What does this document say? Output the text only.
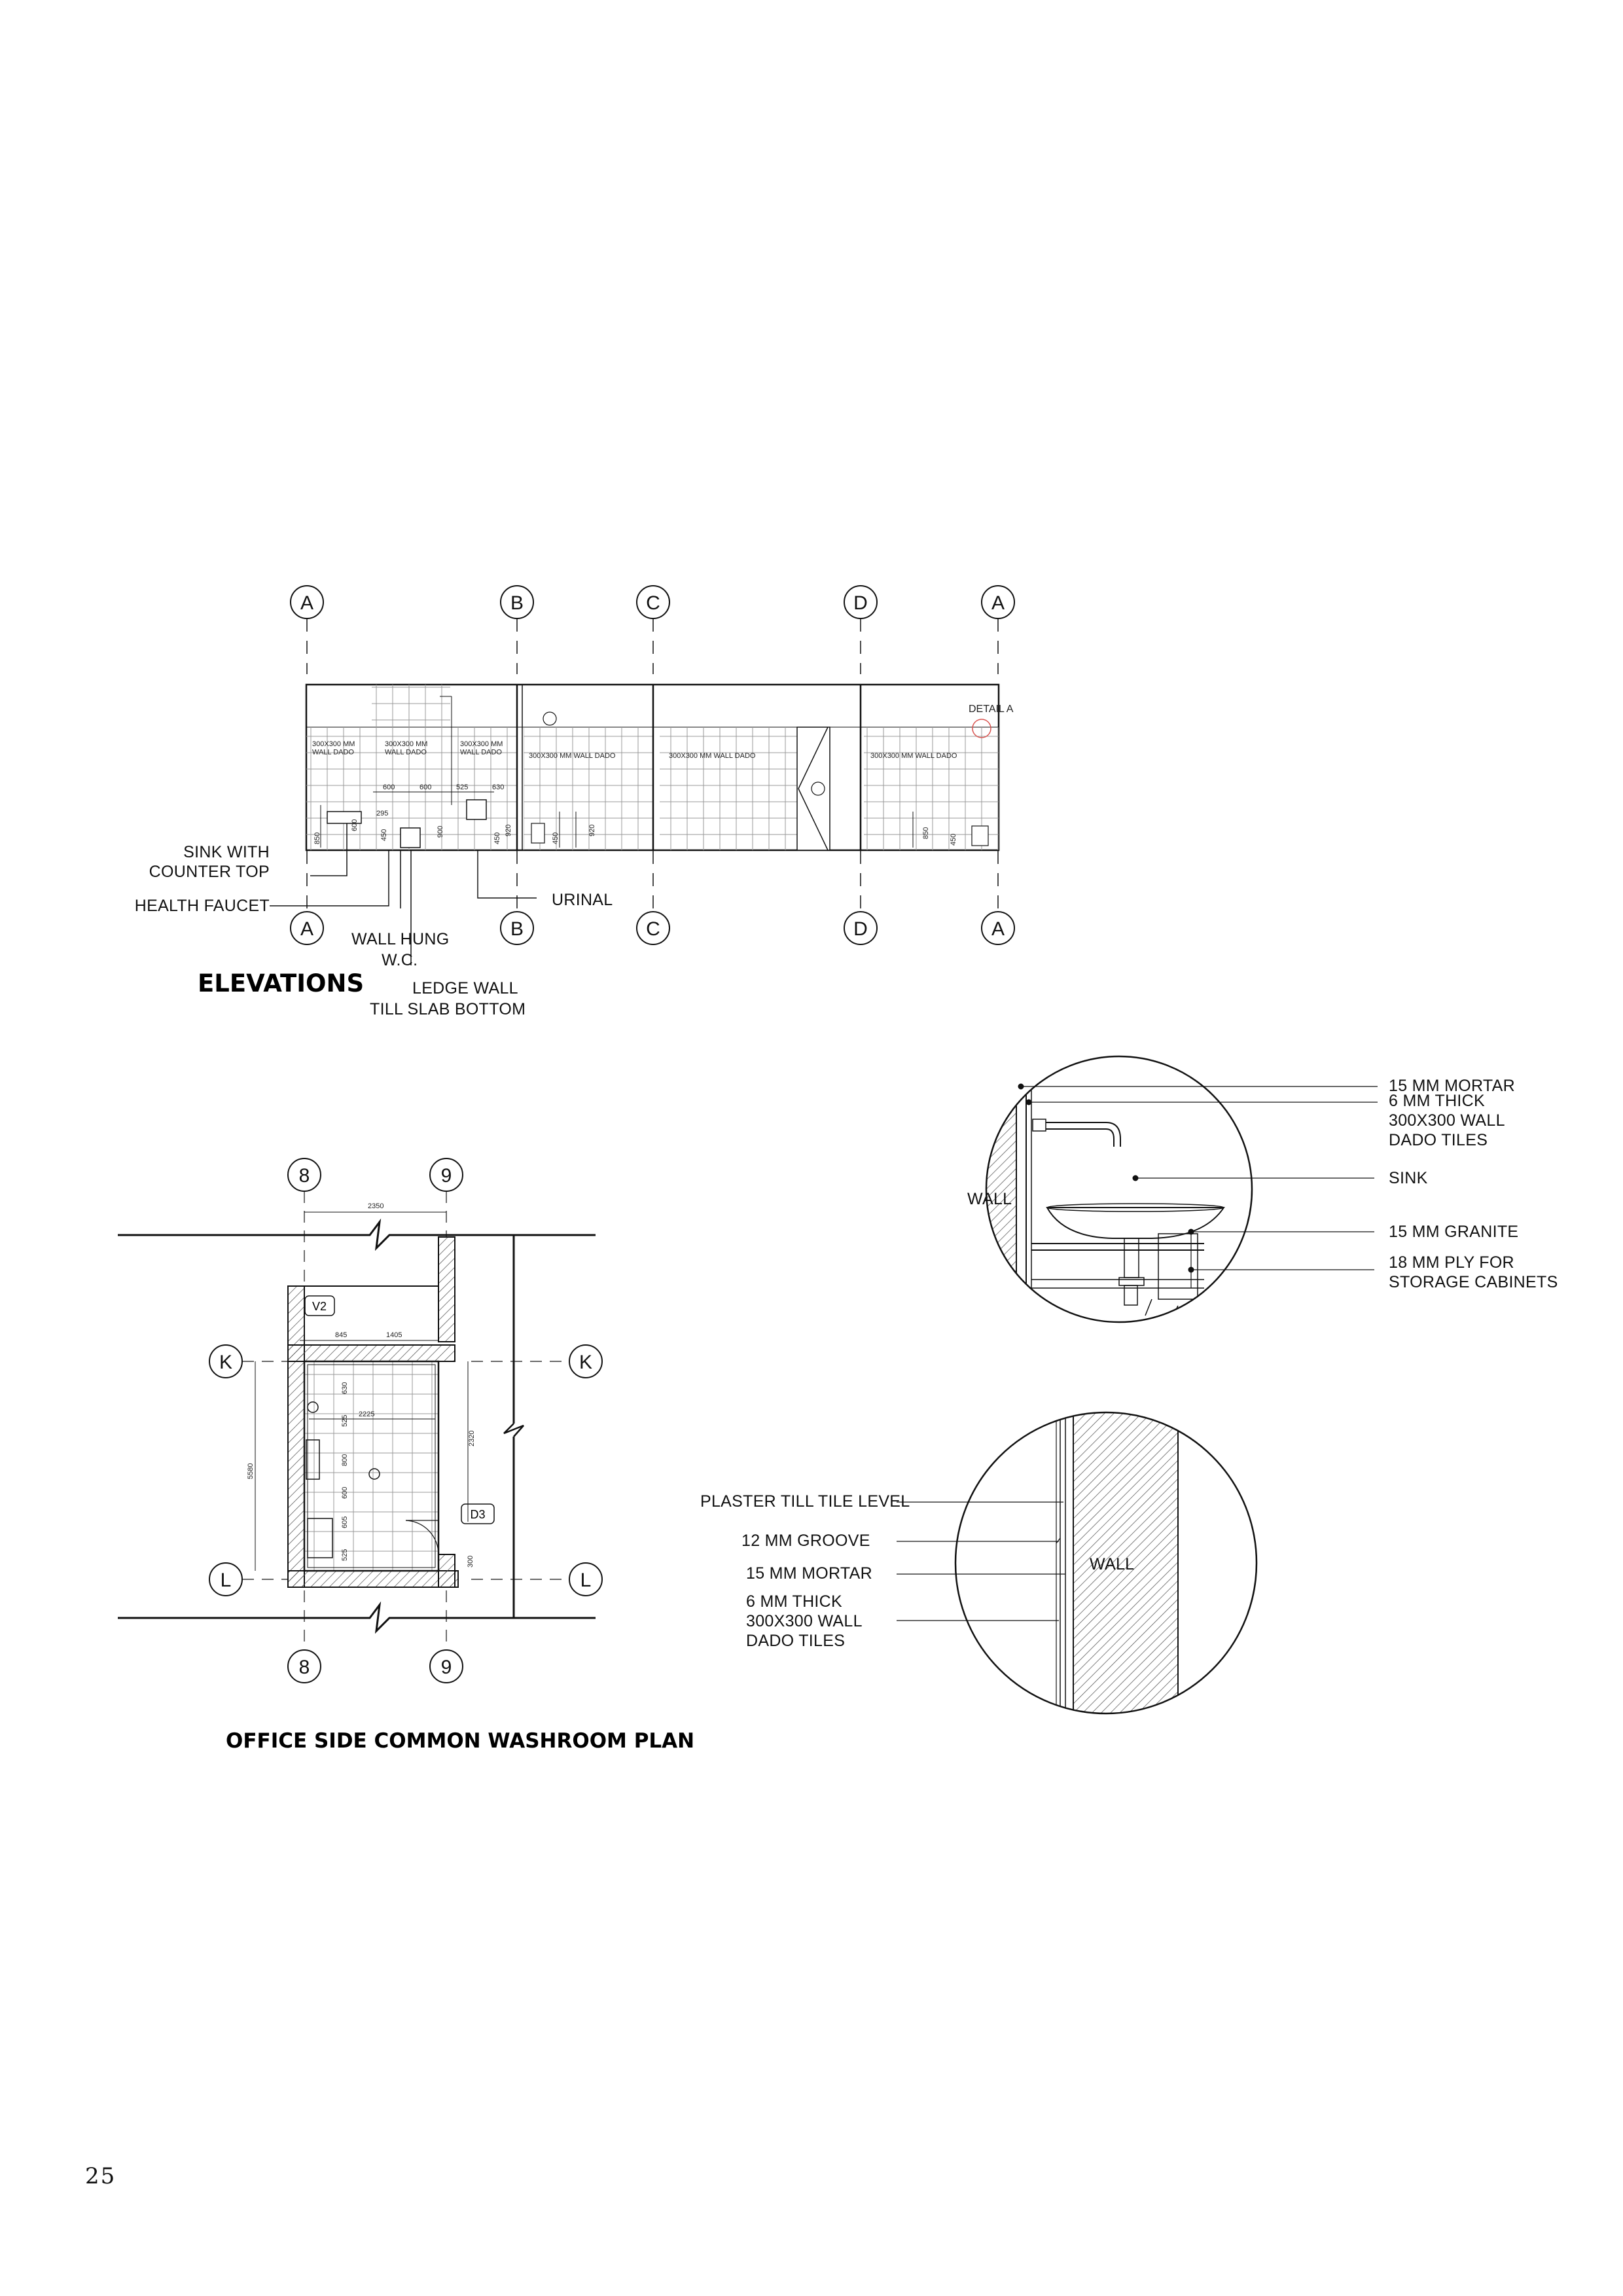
A	B	C	D	A
A	B	C	D	A
DETAIL A
300X300 MM WALL DADO
300X300 MM WALL DADO
300X300 MM WALL DADO	300X300 MM WALL DADO	300X300 MM WALL DADO	300X300 MM WALL DADO
600	600	525	630
295
850
600
450	900
450
920
450
920	850
450
SINK WITH
COUNTER TOP
HEALTH FAUCET
WALL HUNG
W.C.
LEDGE WALL
TILL SLAB BOTTOM
URINAL
ELEVATIONS
8	9
8	9
K
L
K
L
2350
845	1405
2225
5580
2320
630
525
800
600
605
525
300
V2
D3
OFFICE SIDE COMMON WASHROOM PLAN
WALL
15 MM MORTAR
6 MM THICK
300X300 WALL
DADO TILES
SINK
15 MM GRANITE
18 MM PLY FOR
STORAGE CABINETS
WALL
PLASTER TILL TILE LEVEL
12 MM GROOVE
15 MM MORTAR
6 MM THICK
300X300 WALL
DADO TILES
25
